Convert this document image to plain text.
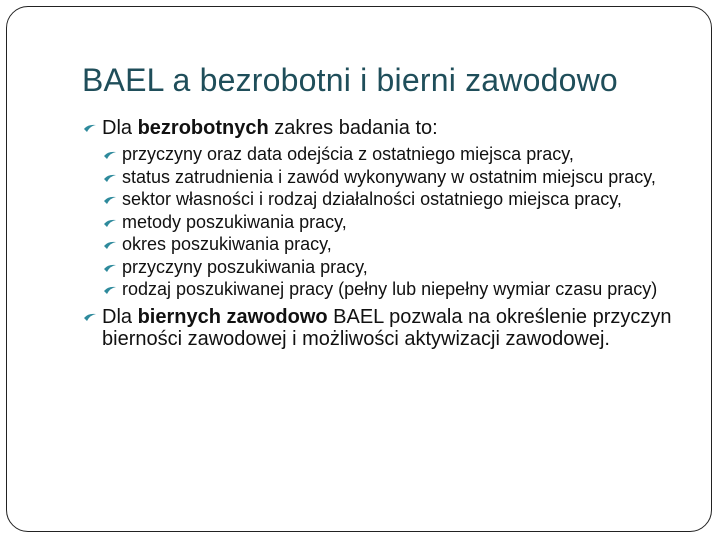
BAEL a bezrobotni i bierni zawodowo
Dla bezrobotnych zakres badania to:
przyczyny oraz data odejścia z ostatniego miejsca pracy,
status zatrudnienia i zawód wykonywany w ostatnim miejscu pracy,
sektor własności i rodzaj działalności ostatniego miejsca pracy,
metody poszukiwania pracy,
okres poszukiwania pracy,
przyczyny poszukiwania pracy,
rodzaj poszukiwanej pracy (pełny lub niepełny wymiar czasu pracy)
Dla biernych zawodowo BAEL pozwala na określenie przyczyn bierności zawodowej i możliwości aktywizacji zawodowej.
